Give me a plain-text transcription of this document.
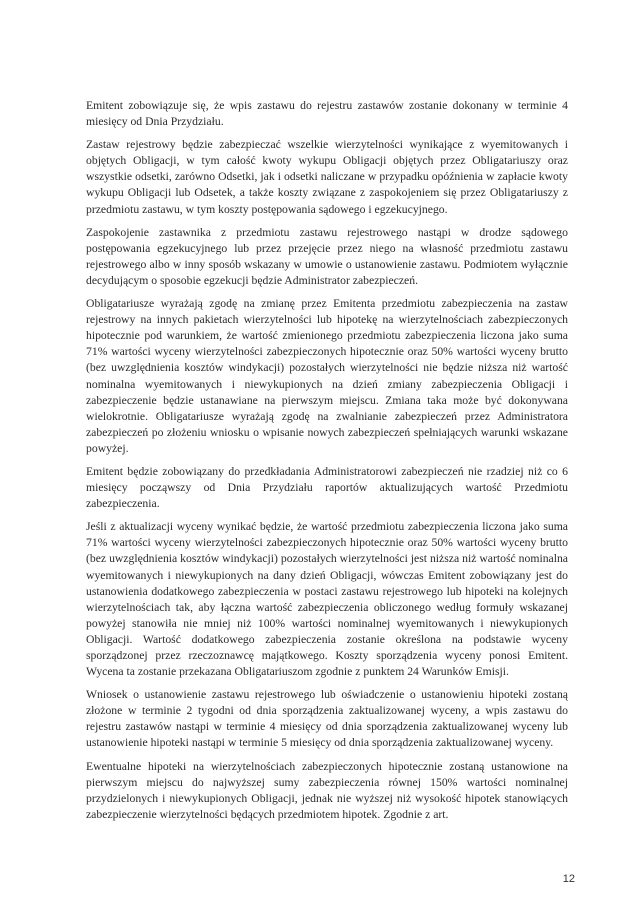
Emitent zobowiązuje się, że wpis zastawu do rejestru zastawów zostanie dokonany w terminie 4 miesięcy od Dnia Przydziału.

Zastaw rejestrowy będzie zabezpieczać wszelkie wierzytelności wynikające z wyemitowanych i objętych Obligacji, w tym całość kwoty wykupu Obligacji objętych przez Obligatariuszy oraz wszystkie odsetki, zarówno Odsetki, jak i odsetki naliczane w przypadku opóźnienia w zapłacie kwoty wykupu Obligacji lub Odsetek, a także koszty związane z zaspokojeniem się przez Obligatariuszy z przedmiotu zastawu, w tym koszty postępowania sądowego i egzekucyjnego.

Zaspokojenie zastawnika z przedmiotu zastawu rejestrowego nastąpi w drodze sądowego postępowania egzekucyjnego lub przez przejęcie przez niego na własność przedmiotu zastawu rejestrowego albo w inny sposób wskazany w umowie o ustanowienie zastawu. Podmiotem wyłącznie decydującym o sposobie egzekucji będzie Administrator zabezpieczeń.

Obligatariusze wyrażają zgodę na zmianę przez Emitenta przedmiotu zabezpieczenia na zastaw rejestrowy na innych pakietach wierzytelności lub hipotekę na wierzytelnościach zabezpieczonych hipotecznie pod warunkiem, że wartość zmienionego przedmiotu zabezpieczenia liczona jako suma 71% wartości wyceny wierzytelności zabezpieczonych hipotecznie oraz 50% wartości wyceny brutto (bez uwzględnienia kosztów windykacji) pozostałych wierzytelności nie będzie niższa niż wartość nominalna wyemitowanych i niewykupionych na dzień zmiany zabezpieczenia Obligacji i zabezpieczenie będzie ustanawiane na pierwszym miejscu. Zmiana taka może być dokonywana wielokrotnie. Obligatariusze wyrażają zgodę na zwalnianie zabezpieczeń przez Administratora zabezpieczeń po złożeniu wniosku o wpisanie nowych zabezpieczeń spełniających warunki wskazane powyżej.

Emitent będzie zobowiązany do przedkładania Administratorowi zabezpieczeń nie rzadziej niż co 6 miesięcy począwszy od Dnia Przydziału raportów aktualizujących wartość Przedmiotu zabezpieczenia.

Jeśli z aktualizacji wyceny wynikać będzie, że wartość przedmiotu zabezpieczenia liczona jako suma 71% wartości wyceny wierzytelności zabezpieczonych hipotecznie oraz 50% wartości wyceny brutto (bez uwzględnienia kosztów windykacji) pozostałych wierzytelności jest niższa niż wartość nominalna wyemitowanych i niewykupionych na dany dzień Obligacji, wówczas Emitent zobowiązany jest do ustanowienia dodatkowego zabezpieczenia w postaci zastawu rejestrowego lub hipoteki na kolejnych wierzytelnościach tak, aby łączna wartość zabezpieczenia obliczonego według formuły wskazanej powyżej stanowiła nie mniej niż 100% wartości nominalnej wyemitowanych i niewykupionych Obligacji. Wartość dodatkowego zabezpieczenia zostanie określona na podstawie wyceny sporządzonej przez rzeczoznawcę majątkowego. Koszty sporządzenia wyceny ponosi Emitent. Wycena ta zostanie przekazana Obligatariuszom zgodnie z punktem 24 Warunków Emisji.

Wniosek o ustanowienie zastawu rejestrowego lub oświadczenie o ustanowieniu hipoteki zostaną złożone w terminie 2 tygodni od dnia sporządzenia zaktualizowanej wyceny, a wpis zastawu do rejestru zastawów nastąpi w terminie 4 miesięcy od dnia sporządzenia zaktualizowanej wyceny lub ustanowienie hipoteki nastąpi w terminie 5 miesięcy od dnia sporządzenia zaktualizowanej wyceny.

Ewentualne hipoteki na wierzytelnościach zabezpieczonych hipotecznie zostaną ustanowione na pierwszym miejscu do najwyższej sumy zabezpieczenia równej 150% wartości nominalnej przydzielonych i niewykupionych Obligacji, jednak nie wyższej niż wysokość hipotek stanowiących zabezpieczenie wierzytelności będących przedmiotem hipotek. Zgodnie z art.

12
